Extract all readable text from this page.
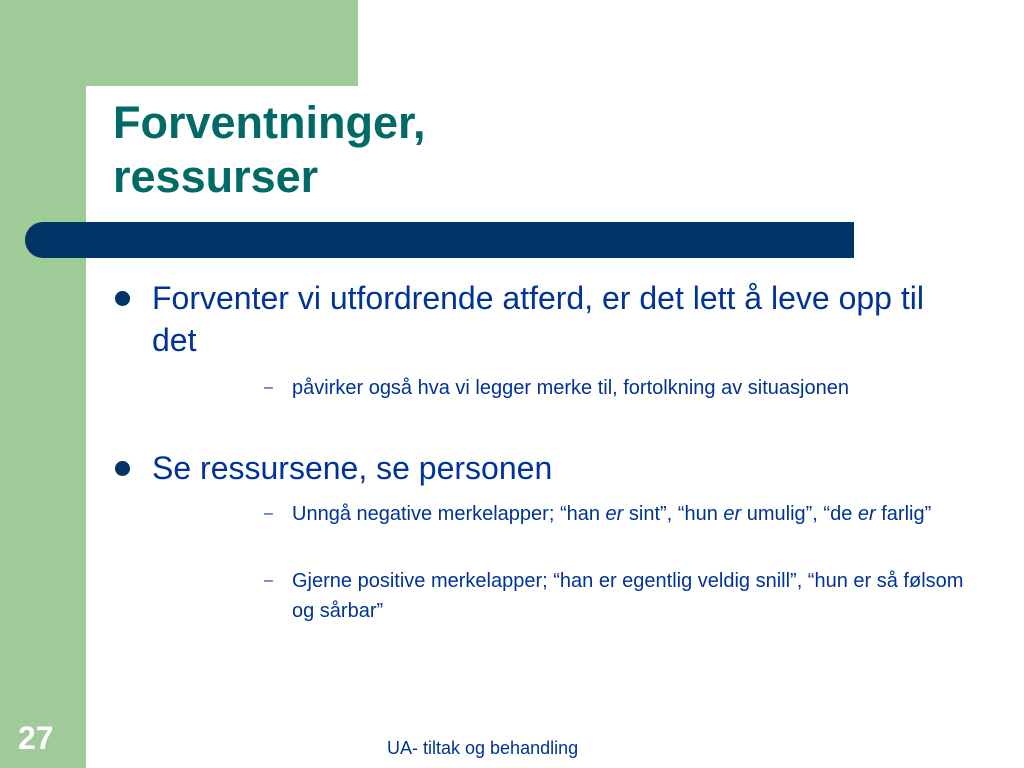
Forventninger,
ressurser

Forventer vi utfordrende atferd, er det lett å leve opp til det

– påvirker også hva vi legger merke til, fortolkning av situasjonen

Se ressursene, se personen

– Unngå negative merkelapper; “han er sint”, “hun er umulig”, “de er farlig”

– Gjerne positive merkelapper; “han er egentlig veldig snill”, “hun er så følsom og sårbar”

27	UA- tiltak og behandling
